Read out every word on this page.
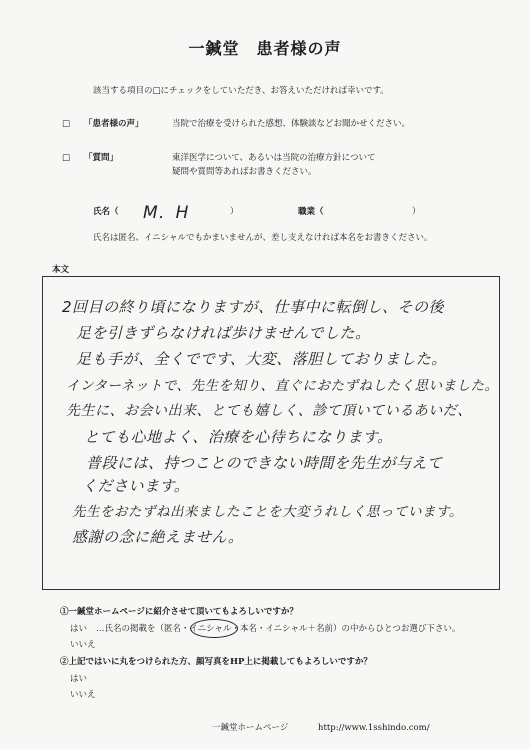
一鍼堂　患者様の声
該当する項目の□にチェックをしていただき、お答えいただければ幸いです。
□ 「患者様の声」	当院で治療を受けられた感想、体験談などお聞かせください。
□ 「質問」	東洋医学について、あるいは当院の治療方針について
疑問や質問等あればお書きください。
氏名（ M．H	）	職業（	）
氏名は匿名、イニシャルでもかまいませんが、差し支えなければ本名をお書きください。
本文
2回目の終り頃になりますが、仕事中に転倒し、その後
足を引きずらなければ歩けませんでした。
足も手が、全くでです、大変、落胆しておりました。
インターネットで、先生を知り、直ぐにおたずねしたく思いました。
先生に、お会い出来、とても嬉しく、診て頂いているあいだ、
とても心地よく、治療を心待ちになります。
普段には、持つことのできない時間を先生が与えて
くださいます。
先生をおたずね出来ましたことを大変うれしく思っています。
感謝の念に絶えません。
①一鍼堂ホームページに紹介させて頂いてもよろしいですか？
はい …氏名の掲載を（匿名・イニシャル・本名・イニシャル＋名前）の中からひとつお選び下さい。
いいえ
②上記ではいに丸をつけられた方、顔写真をHP上に掲載してもよろしいですか？
はい
いいえ
一鍼堂ホームページ	http://www.1sshindo.com/
